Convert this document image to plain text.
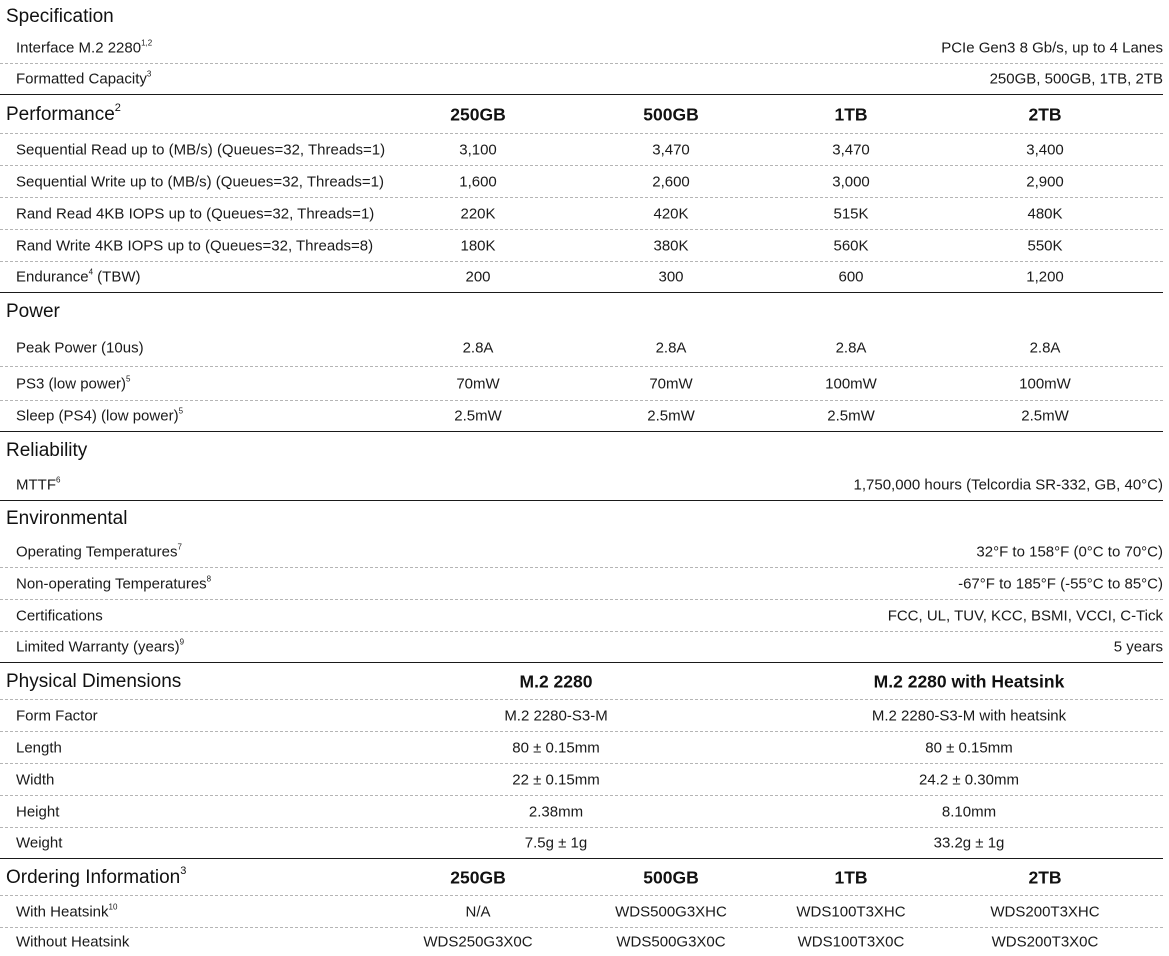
Specification
Interface M.2 2280$^{1,2}$	PCIe Gen3 8 Gb/s, up to 4 Lanes
Formatted Capacity$^3$	250GB, 500GB, 1TB, 2TB
Performance$^2$	250GB	500GB	1TB	2TB
Sequential Read up to (MB/s) (Queues=32, Threads=1)	3,100	3,470	3,470	3,400
Sequential Write up to (MB/s) (Queues=32, Threads=1)	1,600	2,600	3,000	2,900
Rand Read 4KB IOPS up to (Queues=32, Threads=1)	220K	420K	515K	480K
Rand Write 4KB IOPS up to (Queues=32, Threads=8)	180K	380K	560K	550K
Endurance$^4$ (TBW)	200	300	600	1,200
Power
Peak Power (10us)	2.8A	2.8A	2.8A	2.8A
PS3 (low power)$^5$	70mW	70mW	100mW	100mW
Sleep (PS4) (low power)$^5$	2.5mW	2.5mW	2.5mW	2.5mW
Reliability
MTTF$^6$	1,750,000 hours (Telcordia SR-332, GB, 40°C)
Environmental
Operating Temperatures$^7$	32°F to 158°F (0°C to 70°C)
Non-operating Temperatures$^8$	-67°F to 185°F (-55°C to 85°C)
Certifications	FCC, UL, TUV, KCC, BSMI, VCCI, C-Tick
Limited Warranty (years)$^9$	5 years
Physical Dimensions	M.2 2280	M.2 2280 with Heatsink
Form Factor	M.2 2280-S3-M	M.2 2280-S3-M with heatsink
Length	80 ± 0.15mm	80 ± 0.15mm
Width	22 ± 0.15mm	24.2 ± 0.30mm
Height	2.38mm	8.10mm
Weight	7.5g ± 1g	33.2g ± 1g
Ordering Information$^3$	250GB	500GB	1TB	2TB
With Heatsink$^{10}$	N/A	WDS500G3XHC	WDS100T3XHC	WDS200T3XHC
Without Heatsink	WDS250G3X0C	WDS500G3X0C	WDS100T3X0C	WDS200T3X0C
